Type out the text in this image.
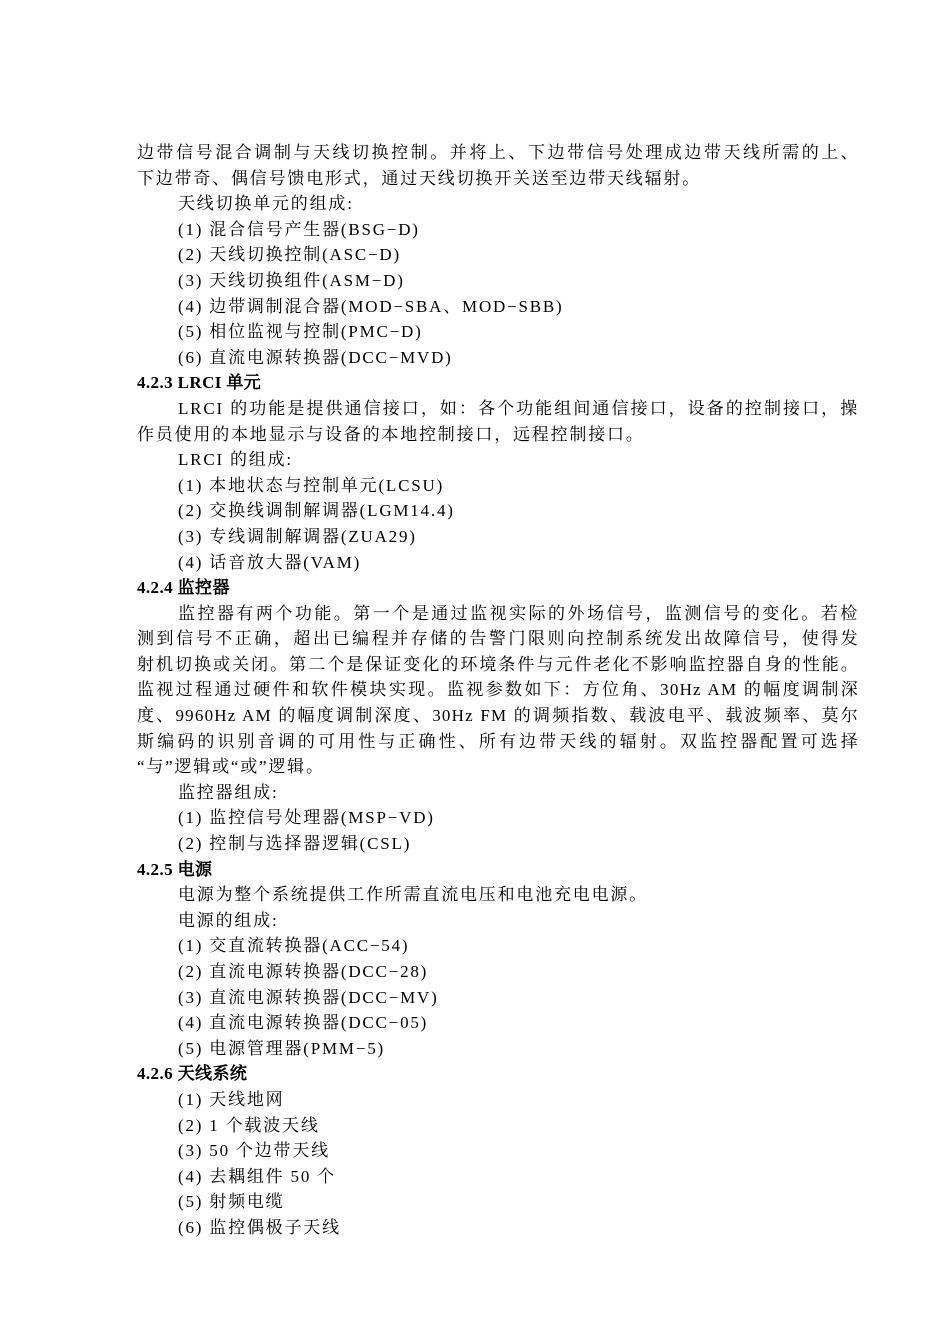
边带信号混合调制与天线切换控制。并将上、下边带信号处理成边带天线所需的上、
下边带奇、偶信号馈电形式，通过天线切换开关送至边带天线辐射。
天线切换单元的组成:
(1) 混合信号产生器(BSG−D)
(2) 天线切换控制(ASC−D)
(3) 天线切换组件(ASM−D)
(4) 边带调制混合器(MOD−SBA、MOD−SBB)
(5) 相位监视与控制(PMC−D)
(6) 直流电源转换器(DCC−MVD)
4.2.3 LRCI 单元
LRCI 的功能是提供通信接口，如：各个功能组间通信接口，设备的控制接口，操
作员使用的本地显示与设备的本地控制接口，远程控制接口。
LRCI 的组成:
(1) 本地状态与控制单元(LCSU)
(2) 交换线调制解调器(LGM14.4)
(3) 专线调制解调器(ZUA29)
(4) 话音放大器(VAM)
4.2.4 监控器
监控器有两个功能。第一个是通过监视实际的外场信号，监测信号的变化。若检
测到信号不正确，超出已编程并存储的告警门限则向控制系统发出故障信号，使得发
射机切换或关闭。第二个是保证变化的环境条件与元件老化不影响监控器自身的性能。
监视过程通过硬件和软件模块实现。监视参数如下：方位角、30Hz AM 的幅度调制深
度、9960Hz AM 的幅度调制深度、30Hz FM 的调频指数、载波电平、载波频率、莫尔
斯编码的识别音调的可用性与正确性、所有边带天线的辐射。双监控器配置可选择
“与”逻辑或“或”逻辑。
监控器组成:
(1) 监控信号处理器(MSP−VD)
(2) 控制与选择器逻辑(CSL)
4.2.5 电源
电源为整个系统提供工作所需直流电压和电池充电电源。
电源的组成:
(1) 交直流转换器(ACC−54)
(2) 直流电源转换器(DCC−28)
(3) 直流电源转换器(DCC−MV)
(4) 直流电源转换器(DCC−05)
(5) 电源管理器(PMM−5)
4.2.6 天线系统
(1) 天线地网
(2) 1 个载波天线
(3) 50 个边带天线
(4) 去耦组件 50 个
(5) 射频电缆
(6) 监控偶极子天线
